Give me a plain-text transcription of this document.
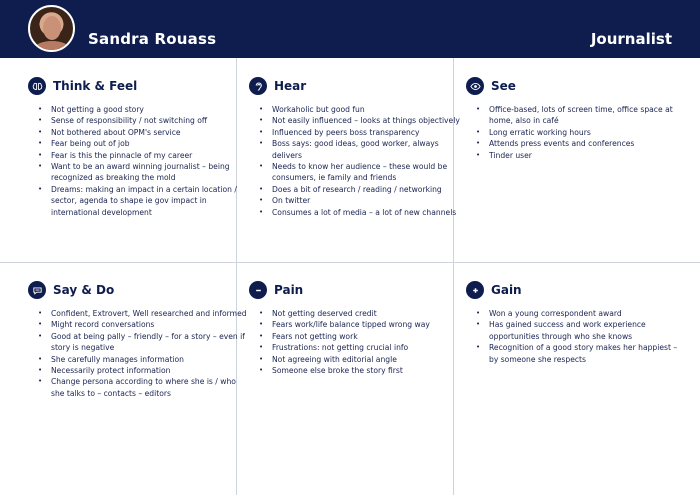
Sandra Rouass	Journalist
Think & Feel
• Not getting a good story
• Sense of responsibility / not switching off
• Not bothered about OPM's service
• Fear being out of job
• Fear is this the pinnacle of my career
• Want to be an award winning journalist – being recognized as breaking the mold
• Dreams: making an impact in a certain location / sector, agenda to shape ie gov impact in international development
Hear
• Workaholic but good fun
• Not easily influenced – looks at things objectively
• Influenced by peers boss transparency
• Boss says: good ideas, good worker, always delivers
• Needs to know her audience – these would be consumers, ie family and friends
• Does a bit of research / reading / networking
• On twitter
• Consumes a lot of media – a lot of new channels
See
• Office-based, lots of screen time, office space at home, also in café
• Long erratic working hours
• Attends press events and conferences
• Tinder user
Say & Do
• Confident, Extrovert, Well researched and informed
• Might record conversations
• Good at being pally – friendly – for a story – even if story is negative
• She carefully manages information
• Necessarily protect information
• Change persona according to where she is / who she talks to – contacts – editors
Pain
• Not getting deserved credit
• Fears work/life balance tipped wrong way
• Fears not getting work
• Frustrations: not getting crucial info
• Not agreeing with editorial angle
• Someone else broke the story first
Gain
• Won a young correspondent award
• Has gained success and work experience opportunities through who she knows
• Recognition of a good story makes her happiest – by someone she respects
